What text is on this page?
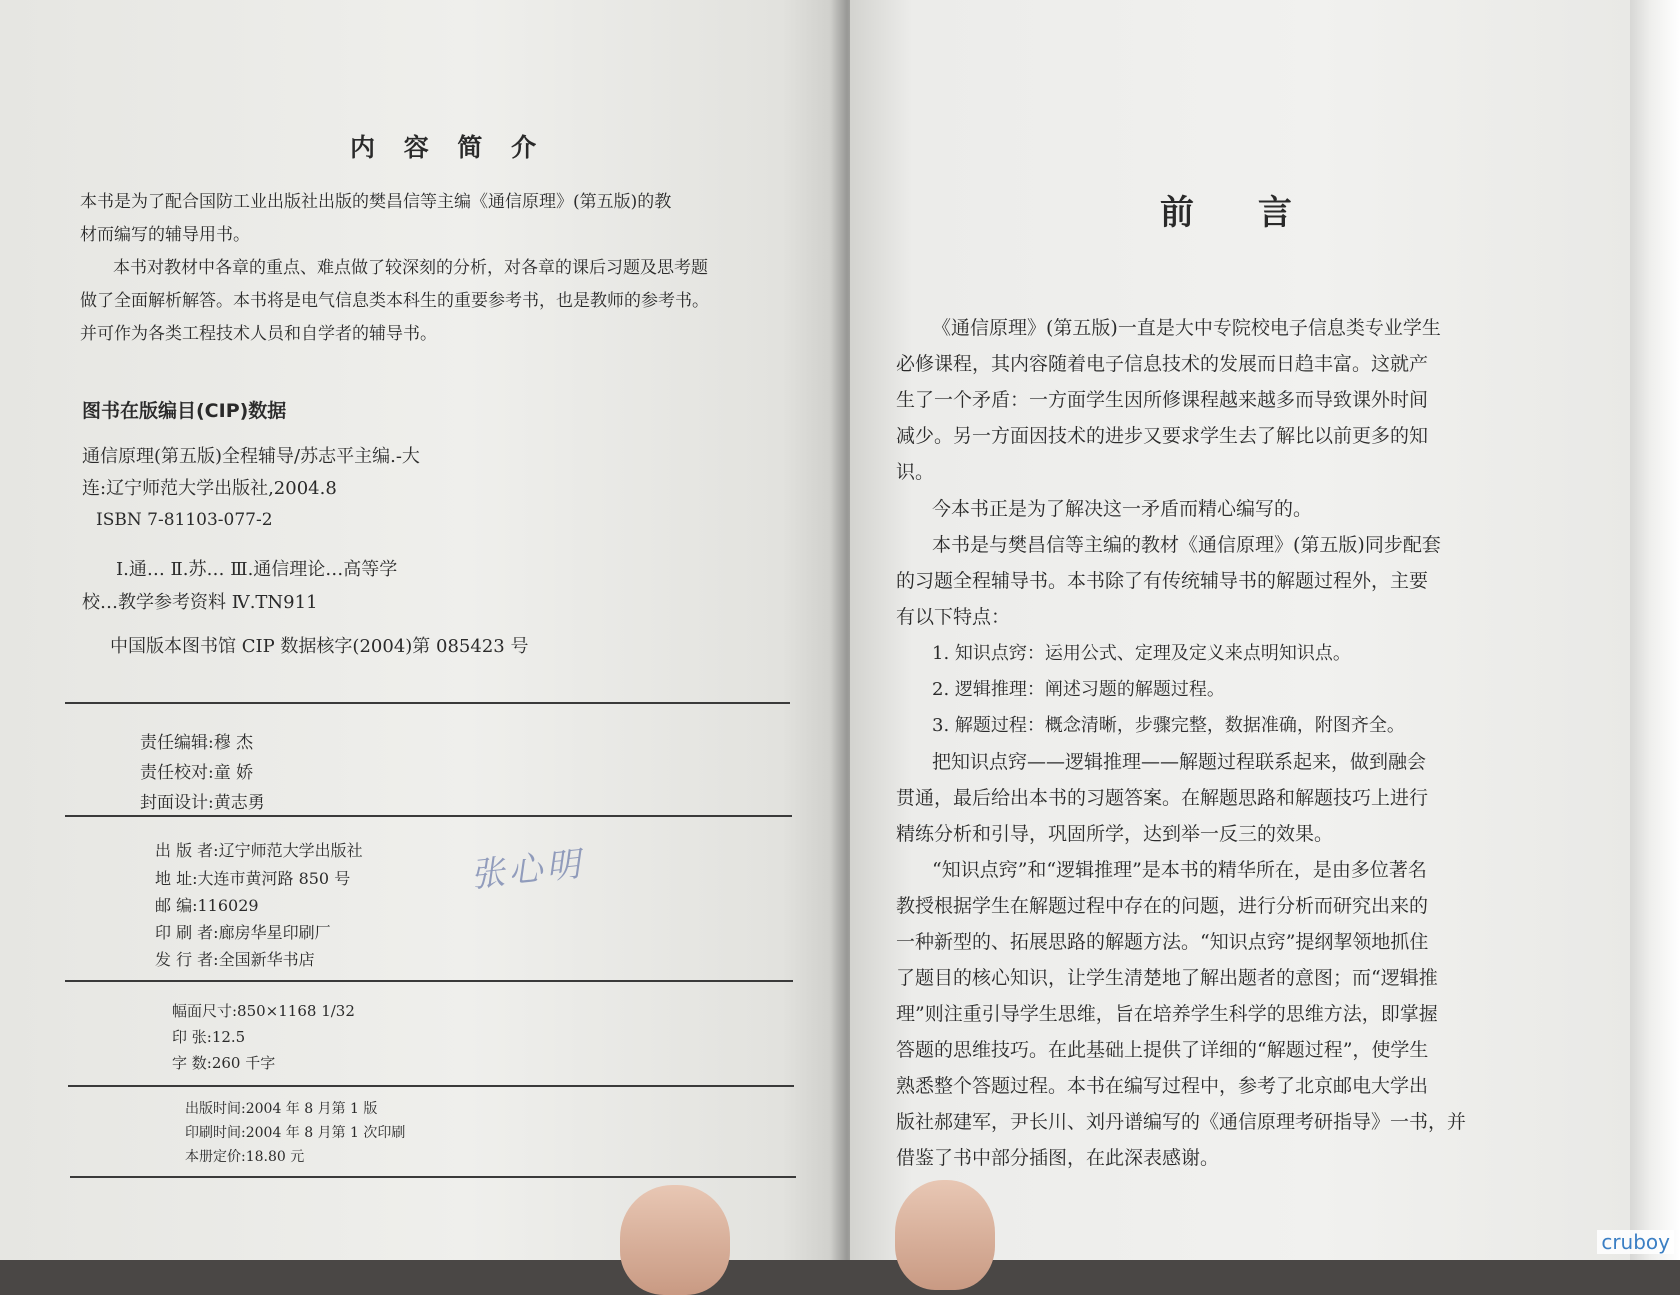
内 容 简 介
本书是为了配合国防工业出版社出版的樊昌信等主编《通信原理》(第五版)的教
材而编写的辅导用书。
本书对教材中各章的重点、难点做了较深刻的分析，对各章的课后习题及思考题
做了全面解析解答。本书将是电气信息类本科生的重要参考书，也是教师的参考书。
并可作为各类工程技术人员和自学者的辅导书。
图书在版编目(CIP)数据
通信原理(第五版)全程辅导/苏志平主编.-大
连:辽宁师范大学出版社,2004.8
ISBN 7-81103-077-2
Ⅰ.通… Ⅱ.苏… Ⅲ.通信理论…高等学
校…教学参考资料 Ⅳ.TN911
中国版本图书馆 CIP 数据核字(2004)第 085423 号
责任编辑:穆 杰
责任校对:童 娇
封面设计:黄志勇
出 版 者:辽宁师范大学出版社
地 址:大连市黄河路 850 号
邮 编:116029
印 刷 者:廊房华星印刷厂
发 行 者:全国新华书店
张心明
幅面尺寸:850×1168 1/32
印 张:12.5
字 数:260 千字
出版时间:2004 年 8 月第 1 版
印刷时间:2004 年 8 月第 1 次印刷
本册定价:18.80 元
前 言
《通信原理》(第五版)一直是大中专院校电子信息类专业学生
必修课程，其内容随着电子信息技术的发展而日趋丰富。这就产
生了一个矛盾：一方面学生因所修课程越来越多而导致课外时间
减少。另一方面因技术的进步又要求学生去了解比以前更多的知
识。
今本书正是为了解决这一矛盾而精心编写的。
本书是与樊昌信等主编的教材《通信原理》(第五版)同步配套
的习题全程辅导书。本书除了有传统辅导书的解题过程外，主要
有以下特点：
1. 知识点窍：运用公式、定理及定义来点明知识点。
2. 逻辑推理：阐述习题的解题过程。
3. 解题过程：概念清晰，步骤完整，数据准确，附图齐全。
把知识点窍——逻辑推理——解题过程联系起来，做到融会
贯通，最后给出本书的习题答案。在解题思路和解题技巧上进行
精练分析和引导，巩固所学，达到举一反三的效果。
“知识点窍”和“逻辑推理”是本书的精华所在，是由多位著名
教授根据学生在解题过程中存在的问题，进行分析而研究出来的
一种新型的、拓展思路的解题方法。“知识点窍”提纲挈领地抓住
了题目的核心知识，让学生清楚地了解出题者的意图；而“逻辑推
理”则注重引导学生思维，旨在培养学生科学的思维方法，即掌握
答题的思维技巧。在此基础上提供了详细的“解题过程”，使学生
熟悉整个答题过程。本书在编写过程中，参考了北京邮电大学出
版社郝建军，尹长川、刘丹谱编写的《通信原理考研指导》一书，并
借鉴了书中部分插图，在此深表感谢。
cruboy
